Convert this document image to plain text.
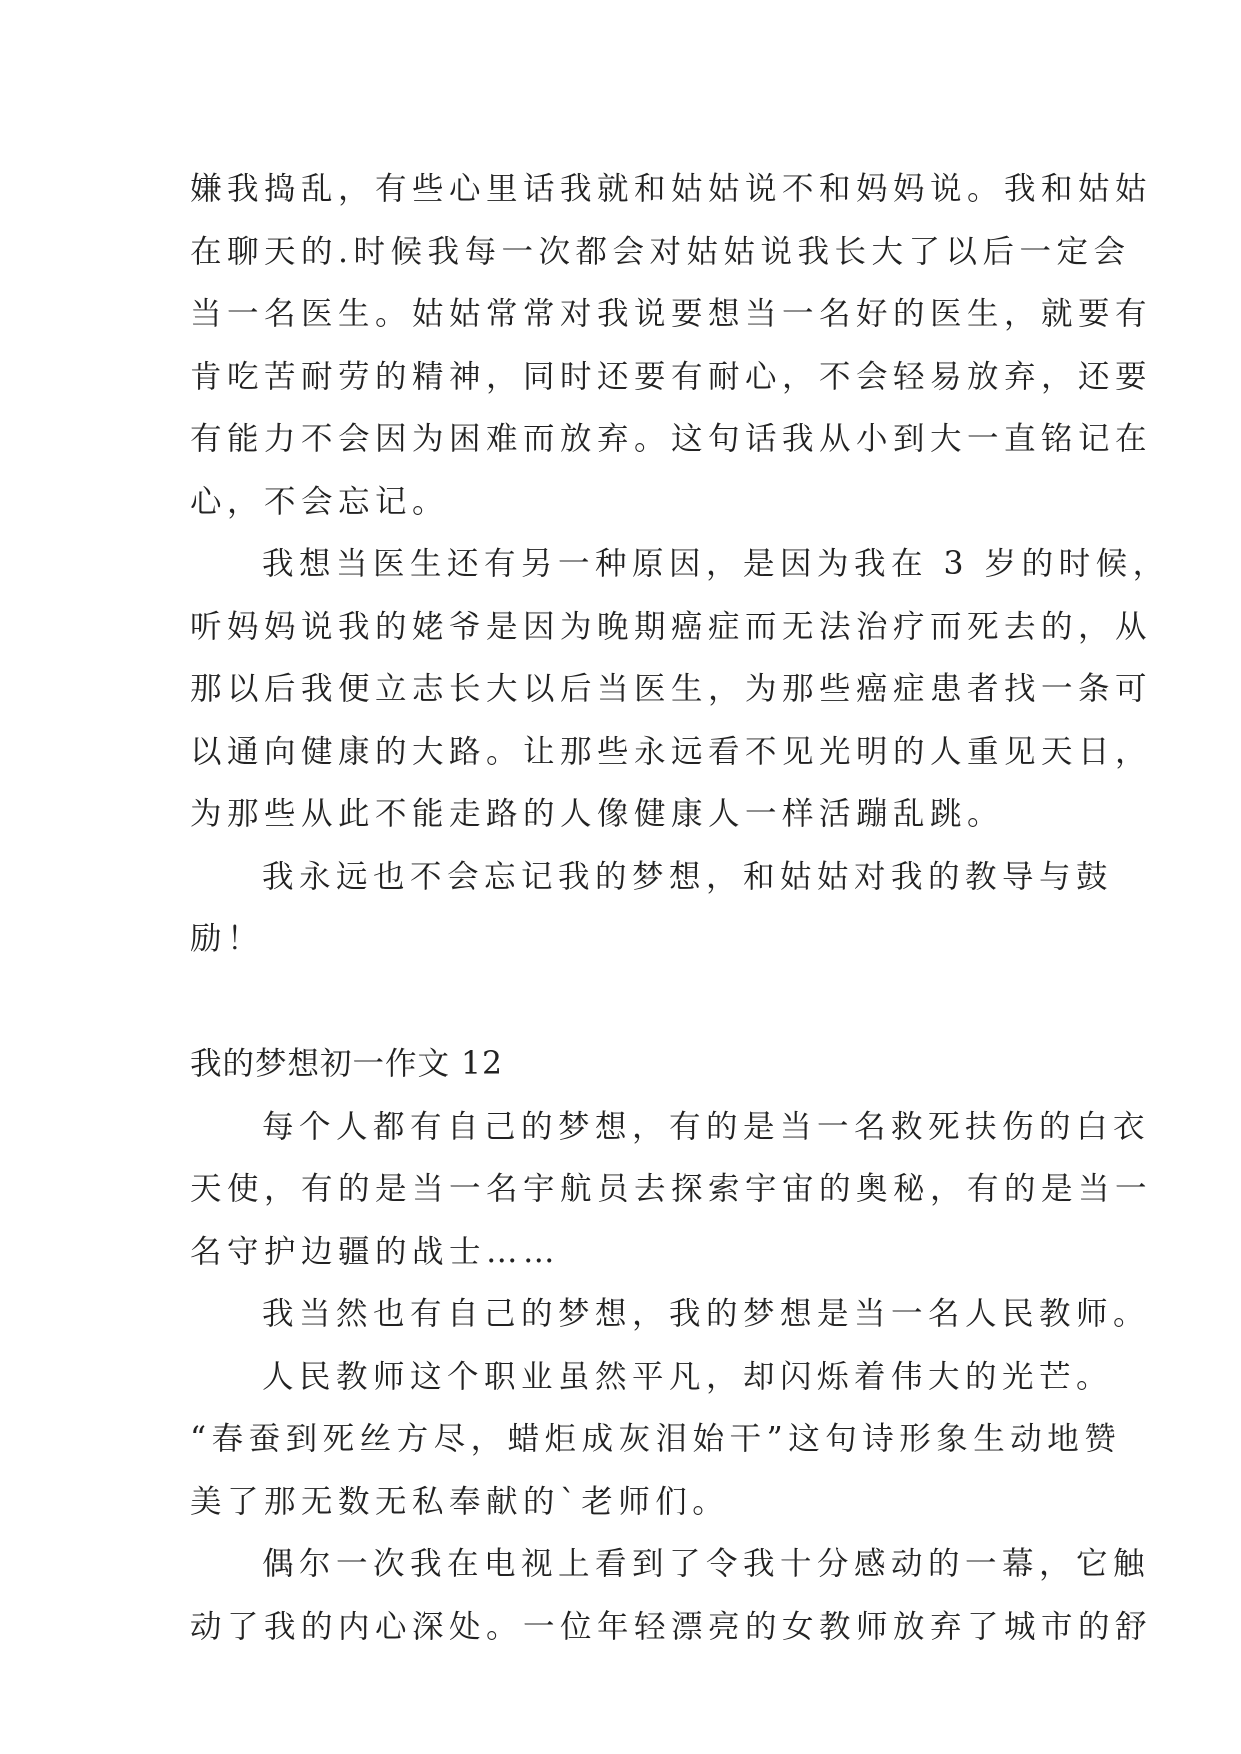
嫌我捣乱，有些心里话我就和姑姑说不和妈妈说。我和姑姑
在聊天的.时候我每一次都会对姑姑说我长大了以后一定会
当一名医生。姑姑常常对我说要想当一名好的医生，就要有
肯吃苦耐劳的精神，同时还要有耐心，不会轻易放弃，还要
有能力不会因为困难而放弃。这句话我从小到大一直铭记在
心，不会忘记。
我想当医生还有另一种原因，是因为我在 3 岁的时候，
听妈妈说我的姥爷是因为晚期癌症而无法治疗而死去的，从
那以后我便立志长大以后当医生，为那些癌症患者找一条可
以通向健康的大路。让那些永远看不见光明的人重见天日，
为那些从此不能走路的人像健康人一样活蹦乱跳。
我永远也不会忘记我的梦想，和姑姑对我的教导与鼓
励！
我的梦想初一作文 12
每个人都有自己的梦想，有的是当一名救死扶伤的白衣
天使，有的是当一名宇航员去探索宇宙的奥秘，有的是当一
名守护边疆的战士……
我当然也有自己的梦想，我的梦想是当一名人民教师。
人民教师这个职业虽然平凡，却闪烁着伟大的光芒。
“春蚕到死丝方尽，蜡炬成灰泪始干”这句诗形象生动地赞
美了那无数无私奉献的`老师们。
偶尔一次我在电视上看到了令我十分感动的一幕，它触
动了我的内心深处。一位年轻漂亮的女教师放弃了城市的舒
